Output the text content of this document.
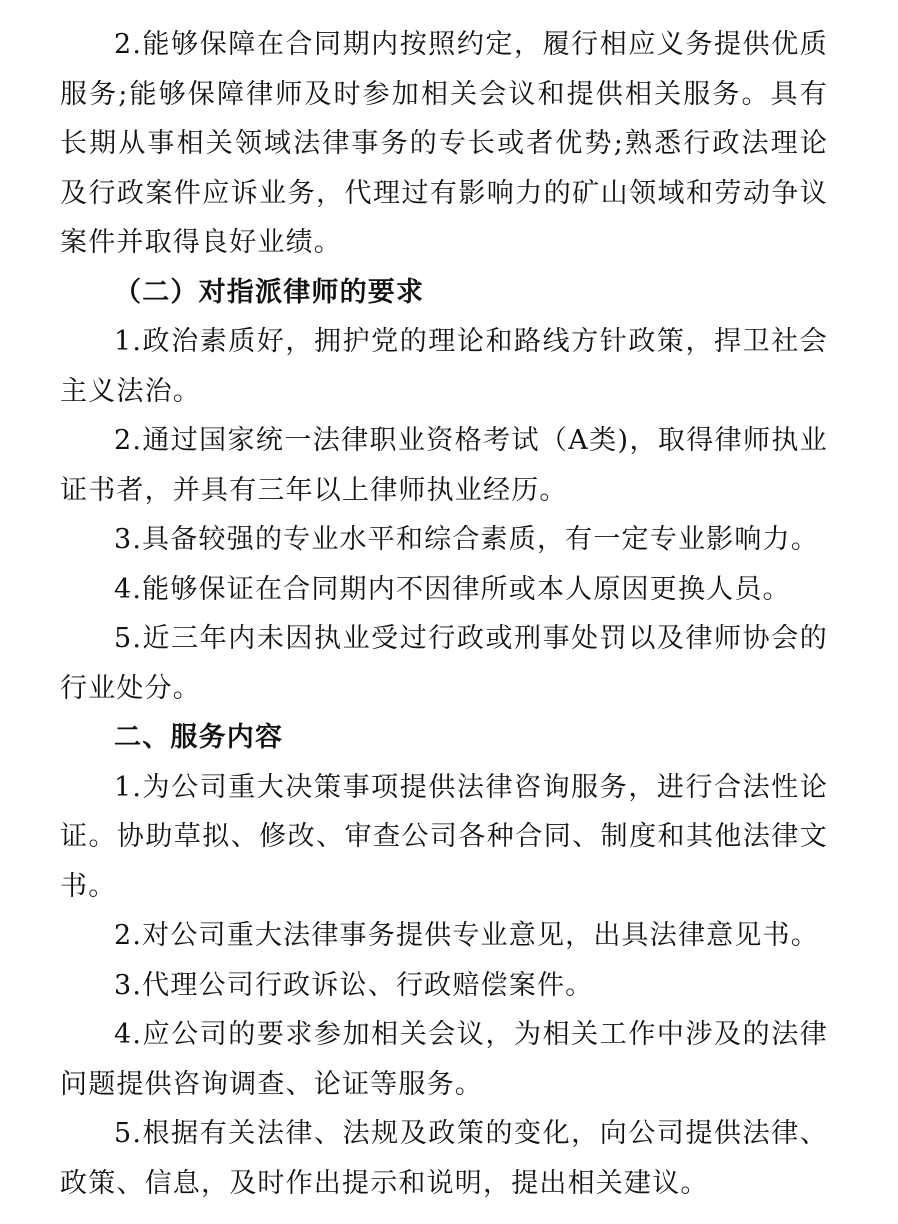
2.能够保障在合同期内按照约定，履行相应义务提供优质服务;能够保障律师及时参加相关会议和提供相关服务。具有长期从事相关领域法律事务的专长或者优势;熟悉行政法理论及行政案件应诉业务，代理过有影响力的矿山领域和劳动争议案件并取得良好业绩。

（二）对指派律师的要求

1.政治素质好，拥护党的理论和路线方针政策，捍卫社会主义法治。

2.通过国家统一法律职业资格考试（A类)，取得律师执业证书者，并具有三年以上律师执业经历。

3.具备较强的专业水平和综合素质，有一定专业影响力。

4.能够保证在合同期内不因律所或本人原因更换人员。

5.近三年内未因执业受过行政或刑事处罚以及律师协会的行业处分。

二、服务内容

1.为公司重大决策事项提供法律咨询服务，进行合法性论证。协助草拟、修改、审查公司各种合同、制度和其他法律文书。

2.对公司重大法律事务提供专业意见，出具法律意见书。

3.代理公司行政诉讼、行政赔偿案件。

4.应公司的要求参加相关会议，为相关工作中涉及的法律问题提供咨询调查、论证等服务。

5.根据有关法律、法规及政策的变化，向公司提供法律、政策、信息，及时作出提示和说明，提出相关建议。
